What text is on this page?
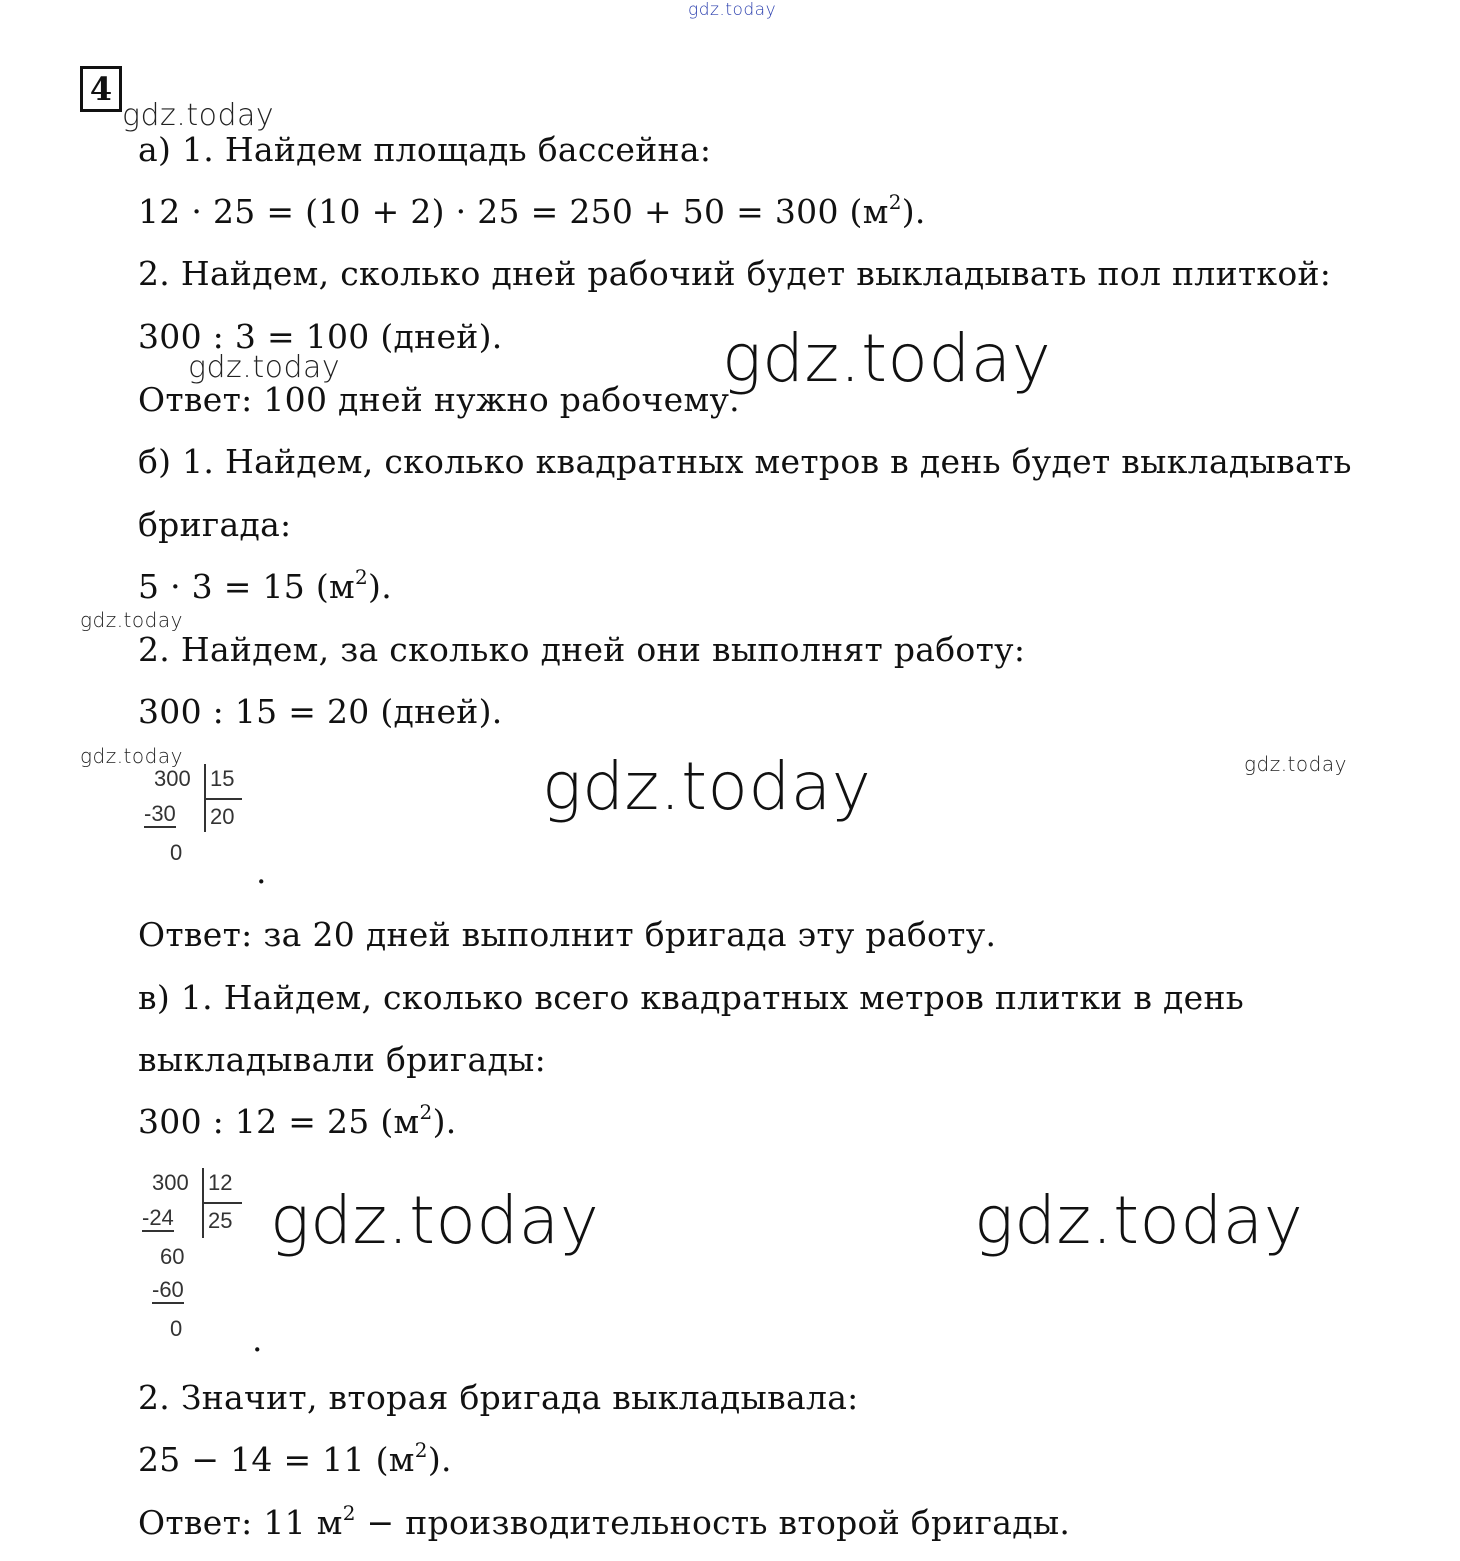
gdz.today
gdz.today
gdz.today	gdz.today
gdz.today
gdz.today	gdz.today
gdz.today
gdz.today	gdz.today
4
а) 1. Найдем площадь бассейна:
12 · 25 = (10 + 2) · 25 = 250 + 50 = 300 $(м^2)$.
2. Найдем, сколько дней рабочий будет выкладывать пол плиткой:
300 : 3 = 100 (дней).
Ответ: 100 дней нужно рабочему.
б) 1. Найдем, сколько квадратных метров в день будет выкладывать
бригада:
5 · 3 = 15 $(м^2)$.
2. Найдем, за сколько дней они выполнят работу:
300 : 15 = 20 (дней).
300 15
-30 20
0 .
Ответ: за 20 дней выполнит бригада эту работу.
в) 1. Найдем, сколько всего квадратных метров плитки в день
выкладывали бригады:
300 : 12 = 25 $(м^2)$.
300 12
-24 25
60
-60
0 .
2. Значит, вторая бригада выкладывала:
25 − 14 = 11 $(м^2)$.
Ответ: 11 $м^2$ − производительность второй бригады.
